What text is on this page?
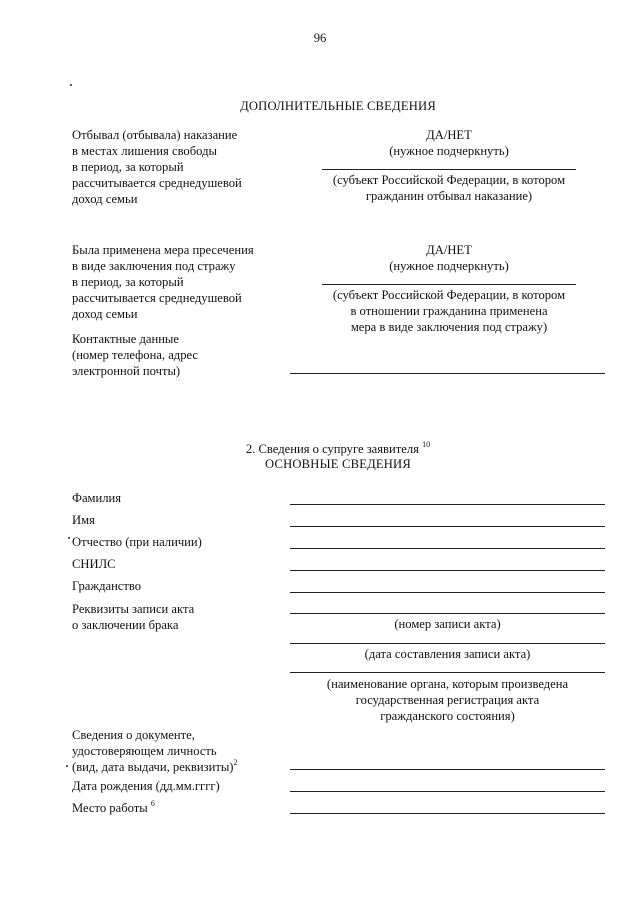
96
ДОПОЛНИТЕЛЬНЫЕ СВЕДЕНИЯ
Отбывал (отбывала) наказание
в местах лишения свободы
в период, за который
рассчитывается среднедушевой
доход семьи
ДА/НЕТ
(нужное подчеркнуть)
(субъект Российской Федерации, в котором
гражданин отбывал наказание)
Была применена мера пресечения
в виде заключения под стражу
в период, за который
рассчитывается среднедушевой
доход семьи
ДА/НЕТ
(нужное подчеркнуть)
(субъект Российской Федерации, в котором
в отношении гражданина применена
мера в виде заключения под стражу)
Контактные данные
(номер телефона, адрес
электронной почты)
2. Сведения о супруге заявителя $^{10}$
ОСНОВНЫЕ СВЕДЕНИЯ
Фамилия
Имя
Отчество (при наличии)
СНИЛС
Гражданство
Реквизиты записи акта
о заключении брака	(номер записи акта)
(дата составления записи акта)
(наименование органа, которым произведена
государственная регистрация акта
гражданского состояния)
Сведения о документе,
удостоверяющем личность
(вид, дата выдачи, реквизиты)$^2$
Дата рождения (дд.мм.гггг)
Место работы $^6$
